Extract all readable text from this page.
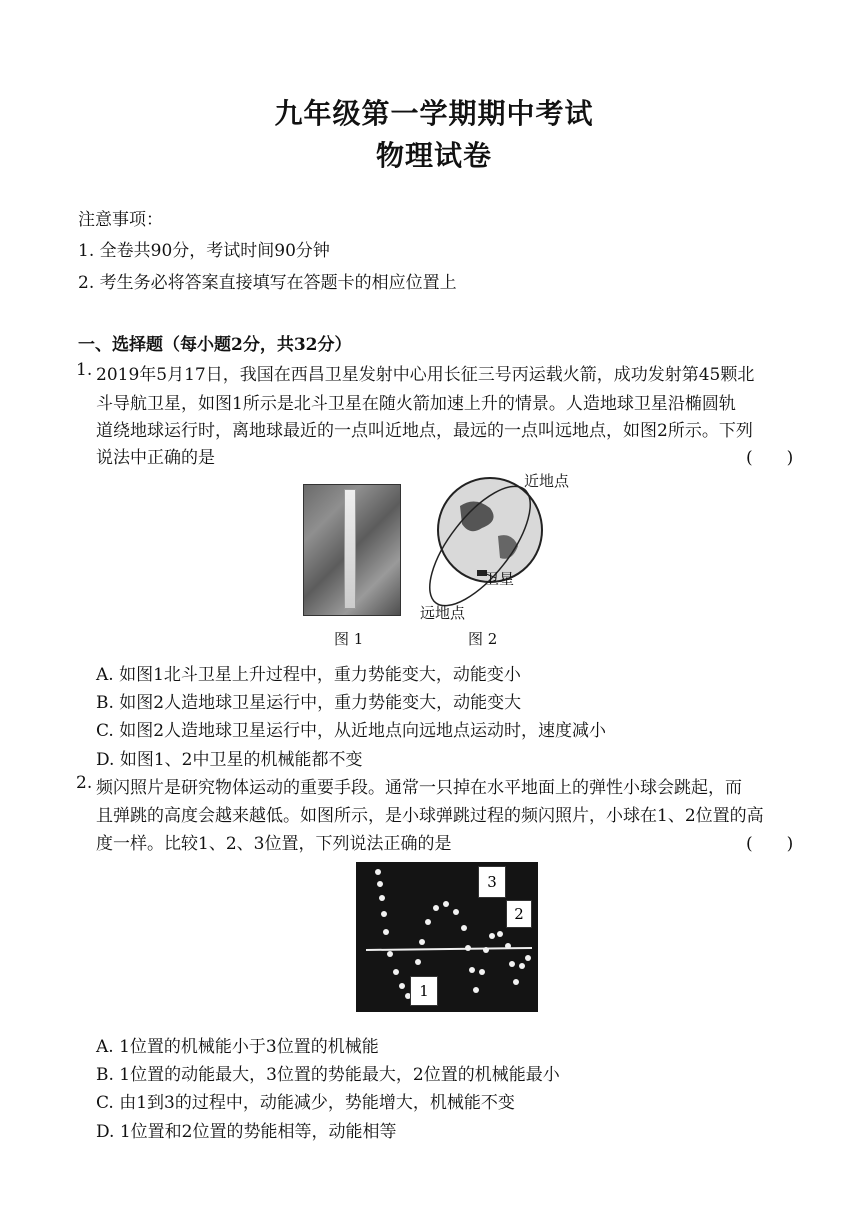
九年级第一学期期中考试
物理试卷
注意事项：
1. 全卷共90分，考试时间90分钟
2. 考生务必将答案直接填写在答题卡的相应位置上
一、选择题（每小题2分，共32分）
1. 2019年5月17日，我国在西昌卫星发射中心用长征三号丙运载火箭，成功发射第45颗北
斗导航卫星，如图1所示是北斗卫星在随火箭加速上升的情景。人造地球卫星沿椭圆轨
道绕地球运行时，离地球最近的一点叫近地点，最远的一点叫远地点，如图2所示。下列
说法中正确的是	(　　)
图 1
近地点
卫星
远地点
图 2
A. 如图1北斗卫星上升过程中，重力势能变大，动能变小
B. 如图2人造地球卫星运行中，重力势能变大，动能变大
C. 如图2人造地球卫星运行中，从近地点向远地点运动时，速度减小
D. 如图1、2中卫星的机械能都不变
2. 频闪照片是研究物体运动的重要手段。通常一只掉在水平地面上的弹性小球会跳起，而
且弹跳的高度会越来越低。如图所示，是小球弹跳过程的频闪照片，小球在1、2位置的高
度一样。比较1、2、3位置，下列说法正确的是	(　　)
1
2
3
A. 1位置的机械能小于3位置的机械能
B. 1位置的动能最大，3位置的势能最大，2位置的机械能最小
C. 由1到3的过程中，动能减少，势能增大，机械能不变
D. 1位置和2位置的势能相等，动能相等
